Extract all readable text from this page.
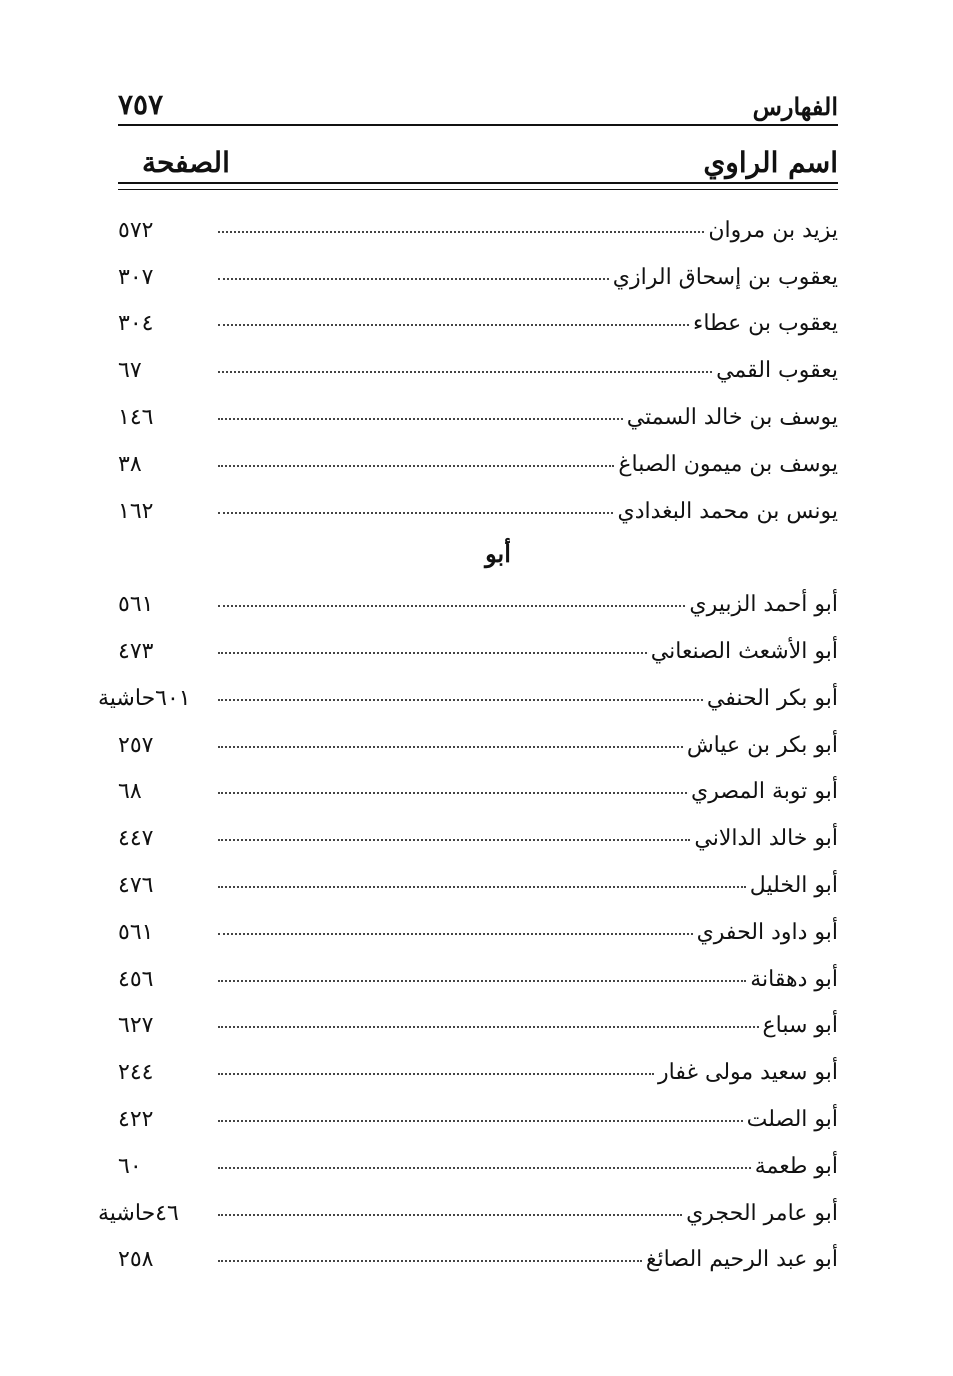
الفهارس
٧٥٧
اسم الراوي
الصفحة
يزيد بن مروان
٥٧٢
يعقوب بن إسحاق الرازي
٣٠٧
يعقوب بن عطاء
٣٠٤
يعقوب القمي
٦٧
يوسف بن خالد السمتي
١٤٦
يوسف بن ميمون الصباغ
٣٨
يونس بن محمد البغدادي
١٦٢
أبو
أبو أحمد الزبيري
٥٦١
أبو الأشعث الصنعاني
٤٧٣
أبو بكر الحنفي
٦٠١حاشية
أبو بكر بن عياش
٢٥٧
أبو توبة المصري
٦٨
أبو خالد الدالاني
٤٤٧
أبو الخليل
٤٧٦
أبو داود الحفري
٥٦١
أبو دهقانة
٤٥٦
أبو سباع
٦٢٧
أبو سعيد مولى غفار
٢٤٤
أبو الصلت
٤٢٢
أبو طعمة
٦٠
أبو عامر الحجري
٤٦حاشية
أبو عبد الرحيم الصائغ
٢٥٨
